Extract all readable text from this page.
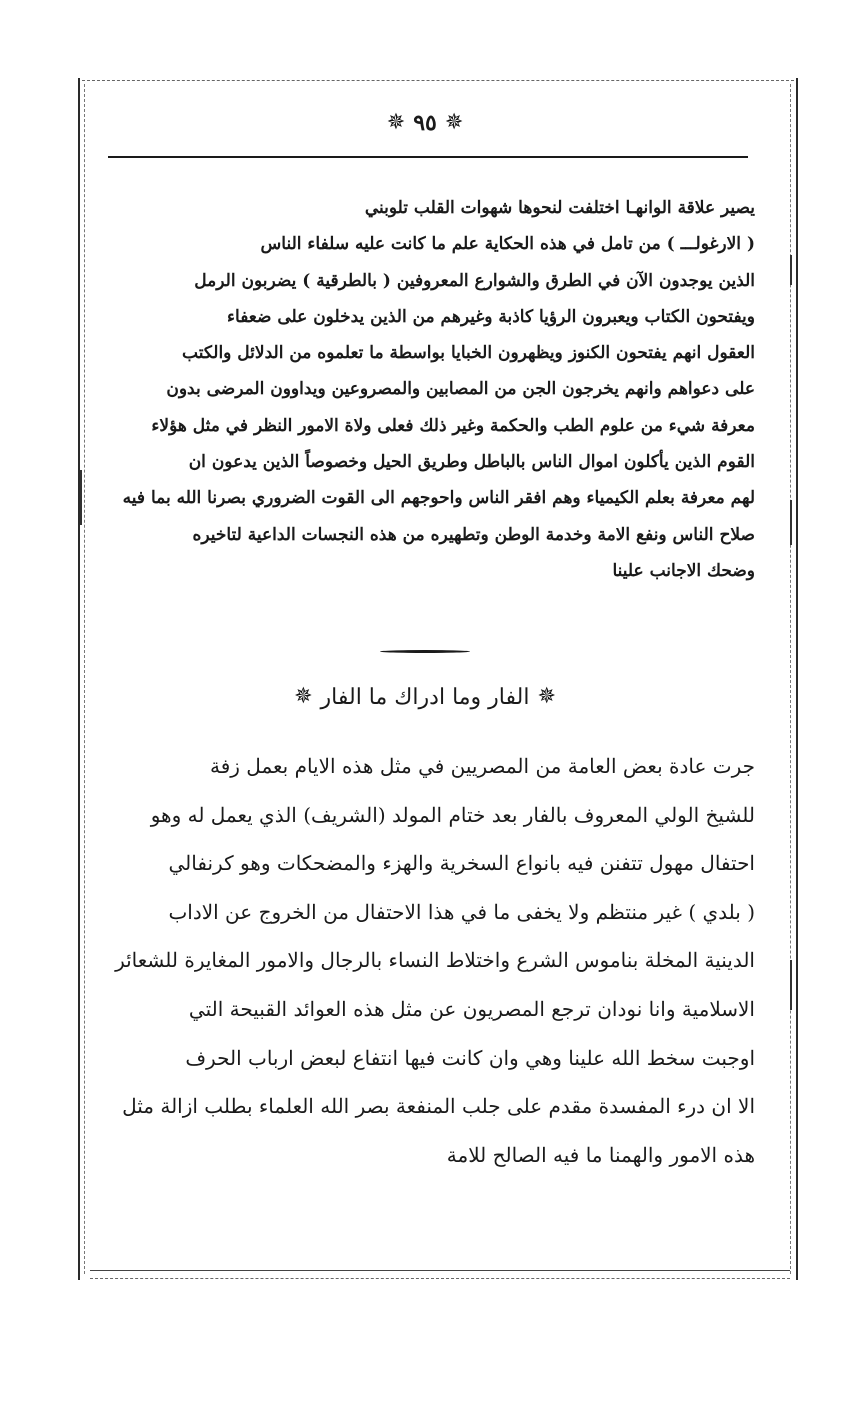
✵
٩٥
✵

يصير علاقة الوانهـا اختلفت لنحوها شهوات القلب تلوبني

( الارغولـــ ) من تامل في هذه الحكاية علم ما كانت عليه سلفاء الناس

الذين يوجدون الآن في الطرق والشوارع المعروفين ( بالطرقية ) يضربون الرمل

ويفتحون الكتاب ويعبرون الرؤيا كاذبة وغيرهم من الذين يدخلون على ضعفاء

العقول انهم يفتحون الكنوز ويظهرون الخبايا بواسطة ما تعلموه من الدلائل والكتب

على دعواهم وانهم يخرجون الجن من المصابين والمصروعين ويداوون المرضى بدون

معرفة شيء من علوم الطب والحكمة وغير ذلك فعلى ولاة الامور النظر في مثل هؤلاء

القوم الذين يأكلون اموال الناس بالباطل وطريق الحيل وخصوصاً الذين يدعون ان

لهم معرفة بعلم الكيمياء وهم افقر الناس واحوجهم الى القوت الضروري بصرنا الله بما فيه

صلاح الناس ونفع الامة وخدمة الوطن وتطهيره من هذه النجسات الداعية لتاخيره

وضحك الاجانب علينا

✵
الفار وما ادراك ما الفار
✵

جرت عادة بعض العامة من المصريين في مثل هذه الايام بعمل زفة

للشيخ الولي المعروف بالفار بعد ختام المولد (الشريف) الذي يعمل له وهو

احتفال مهول تتفنن فيه بانواع السخرية والهزء والمضحكات وهو كرنفالي

( بلدي ) غير منتظم ولا يخفى ما في هذا الاحتفال من الخروج عن الاداب

الدينية المخلة بناموس الشرع واختلاط النساء بالرجال والامور المغايرة للشعائر

الاسلامية وانا نودان ترجع المصريون عن مثل هذه العوائد القبيحة التي

اوجبت سخط الله علينا وهي وان كانت فيها انتفاع لبعض ارباب الحرف

الا ان درء المفسدة مقدم على جلب المنفعة بصر الله العلماء بطلب ازالة مثل

هذه الامور والهمنا ما فيه الصالح للامة
